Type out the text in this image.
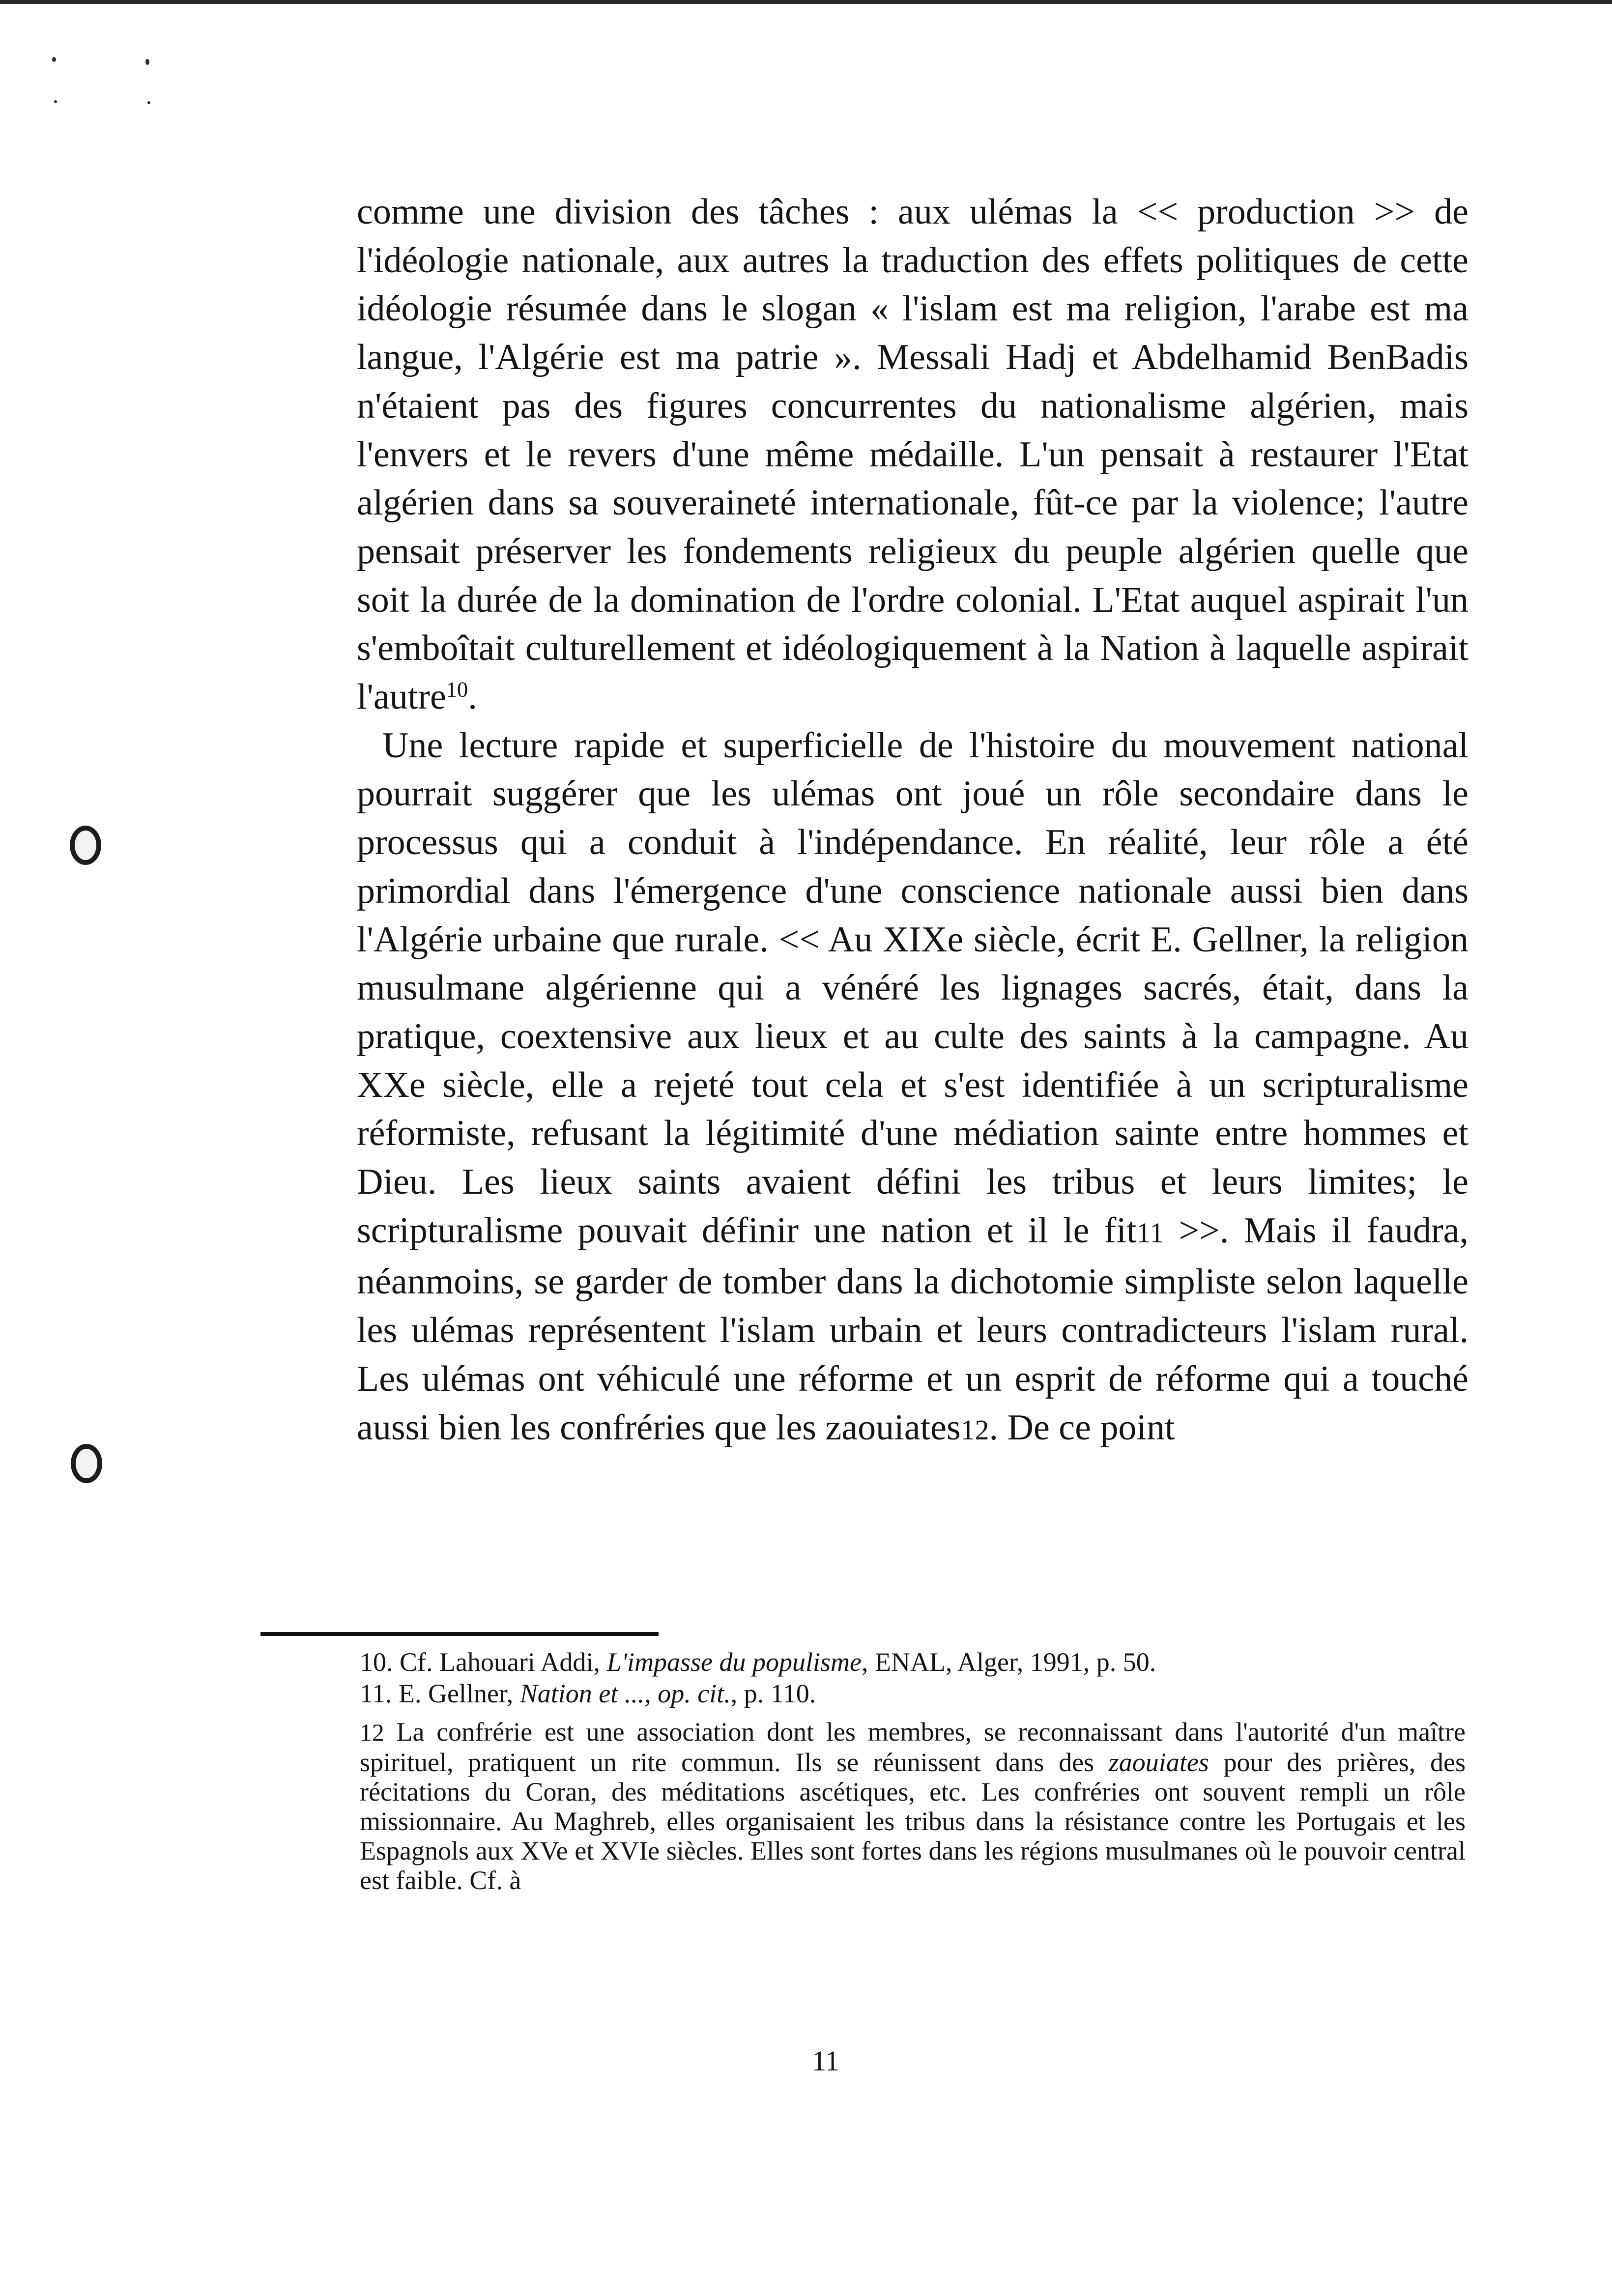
comme une division des tâches : aux ulémas la << production >> de l'idéologie nationale, aux autres la traduction des effets politiques de cette idéologie résumée dans le slogan « l'islam est ma religion, l'arabe est ma langue, l'Algérie est ma patrie ». Messali Hadj et Abdelhamid BenBadis n'étaient pas des figures concurrentes du nationalisme algérien, mais l'envers et le revers d'une même médaille. L'un pensait à restaurer l'Etat algérien dans sa souveraineté internationale, fût-ce par la violence; l'autre pensait préserver les fondements religieux du peuple algérien quelle que soit la durée de la domination de l'ordre colonial. L'Etat auquel aspirait l'un s'emboîtait culturellement et idéologiquement à la Nation à laquelle aspirait l'autre$^{10}$.

Une lecture rapide et superficielle de l'histoire du mouvement national pourrait suggérer que les ulémas ont joué un rôle secondaire dans le processus qui a conduit à l'indépendance. En réalité, leur rôle a été primordial dans l'émergence d'une conscience nationale aussi bien dans l'Algérie urbaine que rurale. << Au XIXe siècle, écrit E. Gellner, la religion musulmane algérienne qui a vénéré les lignages sacrés, était, dans la pratique, coextensive aux lieux et au culte des saints à la campagne. Au XXe siècle, elle a rejeté tout cela et s'est identifiée à un scripturalisme réformiste, refusant la légitimité d'une médiation sainte entre hommes et Dieu. Les lieux saints avaient défini les tribus et leurs limites; le scripturalisme pouvait définir une nation et il le fit11 >>. Mais il faudra, néanmoins, se garder de tomber dans la dichotomie simpliste selon laquelle les ulémas représentent l'islam urbain et leurs contradicteurs l'islam rural. Les ulémas ont véhiculé une réforme et un esprit de réforme qui a touché aussi bien les confréries que les zaouiates12. De ce point

10. Cf. Lahouari Addi, L'impasse du populisme, ENAL, Alger, 1991, p. 50.

11. E. Gellner, Nation et ..., op. cit., p. 110.

12 La confrérie est une association dont les membres, se reconnaissant dans l'autorité d'un maître spirituel, pratiquent un rite commun. Ils se réunissent dans des zaouiates pour des prières, des récitations du Coran, des méditations ascétiques, etc. Les confréries ont souvent rempli un rôle missionnaire. Au Maghreb, elles organisaient les tribus dans la résistance contre les Portugais et les Espagnols aux XVe et XVIe siècles. Elles sont fortes dans les régions musulmanes où le pouvoir central est faible. Cf. à

11
